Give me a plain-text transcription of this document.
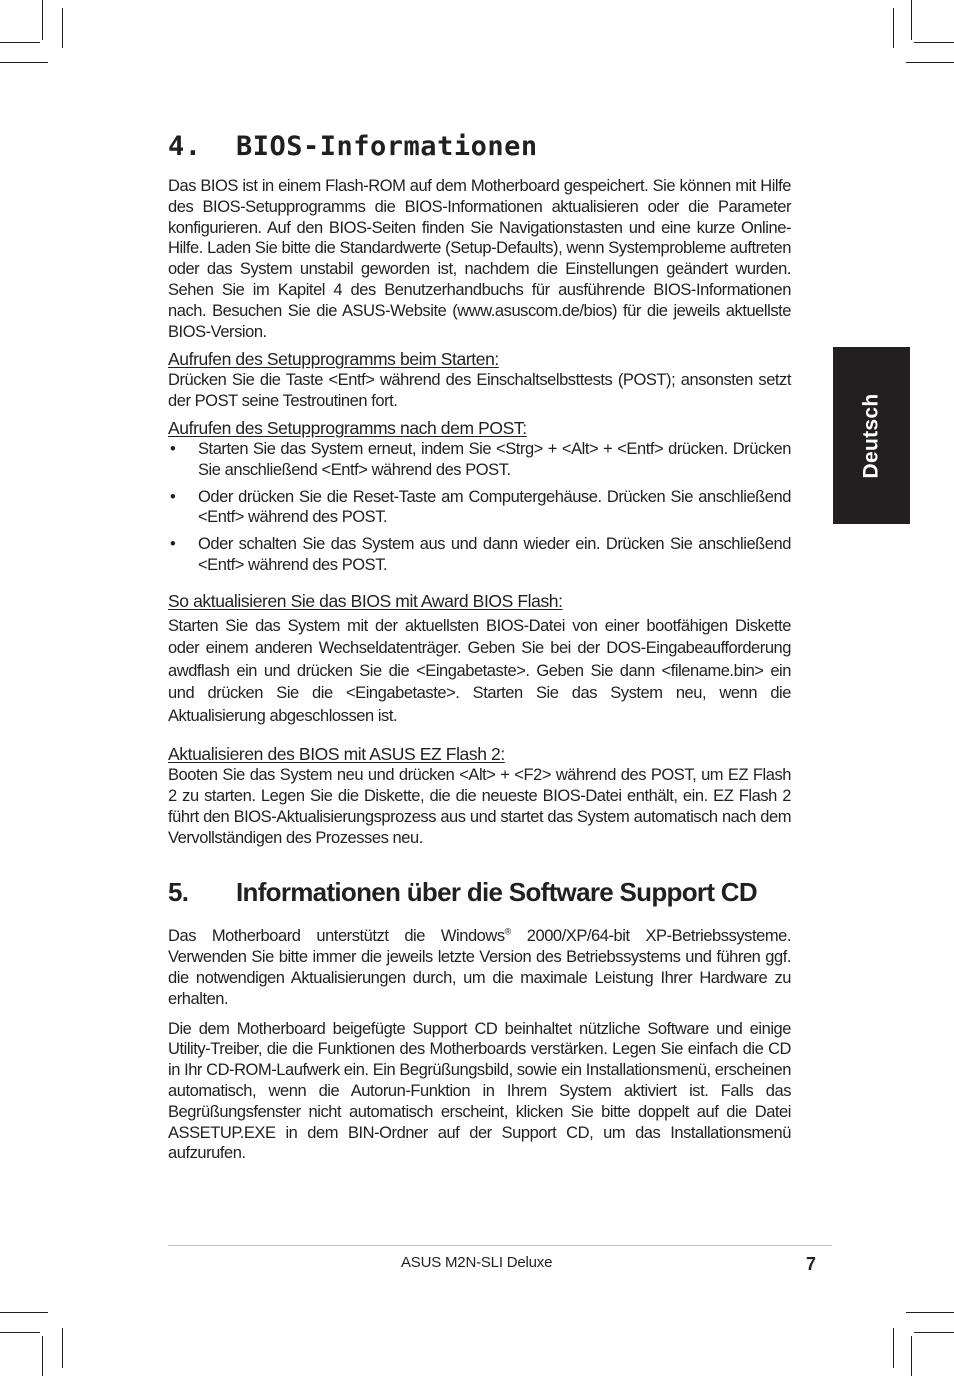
Deutsch
4.	BIOS-Informationen

Das BIOS ist in einem Flash-ROM auf dem Motherboard gespeichert. Sie können mit Hilfe des BIOS-Setupprogramms die BIOS-Informationen aktualisieren oder die Parameter konfigurieren. Auf den BIOS-Seiten finden Sie Navigationstasten und eine kurze Online-Hilfe. Laden Sie bitte die Standardwerte (Setup-Defaults), wenn Systemprobleme auftreten oder das System unstabil geworden ist, nachdem die Einstellungen geändert wurden. Sehen Sie im Kapitel 4 des Benutzerhandbuchs für ausführende BIOS-Informationen nach. Besuchen Sie die ASUS-Website (www.asuscom.de/bios) für die jeweils aktuellste BIOS-Version.

Aufrufen des Setupprogramms beim Starten:

Drücken Sie die Taste <Entf> während des Einschaltselbsttests (POST); ansonsten setzt der POST seine Testroutinen fort.

Aufrufen des Setupprogramms nach dem POST:
• Starten Sie das System erneut, indem Sie <Strg> + <Alt> + <Entf> drücken. Drücken Sie anschließend <Entf> während des POST.
• Oder drücken Sie die Reset-Taste am Computergehäuse. Drücken Sie anschließend <Entf> während des POST.
• Oder schalten Sie das System aus und dann wieder ein. Drücken Sie anschließend <Entf> während des POST.
So aktualisieren Sie das BIOS mit Award BIOS Flash:

Starten Sie das System mit der aktuellsten BIOS-Datei von einer bootfähigen Diskette oder einem anderen Wechseldatenträger. Geben Sie bei der DOS-Eingabeaufforderung awdflash ein und drücken Sie die <Eingabetaste>. Geben Sie dann <filename.bin> ein und drücken Sie die <Eingabetaste>. Starten Sie das System neu, wenn die Aktualisierung abgeschlossen ist.

Aktualisieren des BIOS mit ASUS EZ Flash 2:

Booten Sie das System neu und drücken <Alt> + <F2> während des POST, um EZ Flash 2 zu starten. Legen Sie die Diskette, die die neueste BIOS-Datei enthält, ein. EZ Flash 2 führt den BIOS-Aktualisierungsprozess aus und startet das System automatisch nach dem Vervollständigen des Prozesses neu.

5.	Informationen über die Software Support CD

Das Motherboard unterstützt die Windows® 2000/XP/64-bit XP-Betriebssysteme. Verwenden Sie bitte immer die jeweils letzte Version des Betriebssystems und führen ggf. die notwendigen Aktualisierungen durch, um die maximale Leistung Ihrer Hardware zu erhalten.

Die dem Motherboard beigefügte Support CD beinhaltet nützliche Software und einige Utility-Treiber, die die Funktionen des Motherboards verstärken. Legen Sie einfach die CD in Ihr CD-ROM-Laufwerk ein. Ein Begrüßungsbild, sowie ein Installationsmenü, erscheinen automatisch, wenn die Autorun-Funktion in Ihrem System aktiviert ist. Falls das Begrüßungsfenster nicht automatisch erscheint, klicken Sie bitte doppelt auf die Datei ASSETUP.EXE in dem BIN-Ordner auf der Support CD, um das Installationsmenü aufzurufen.

ASUS M2N-SLI Deluxe	7
